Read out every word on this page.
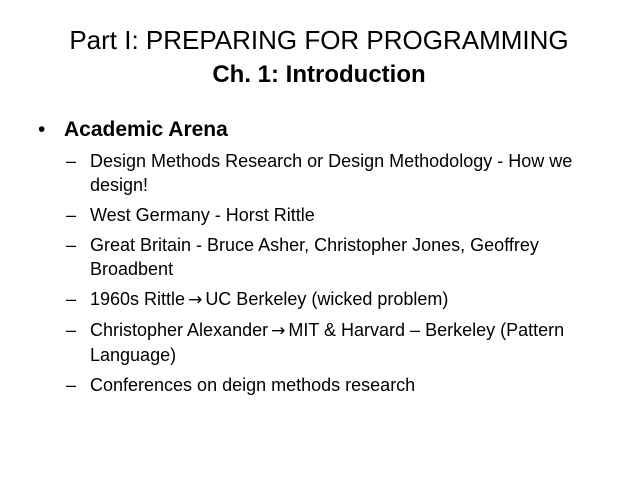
Part I: PREPARING FOR PROGRAMMING
Ch. 1: Introduction
• Academic Arena
– Design Methods Research or Design Methodology - How we design!
– West Germany - Horst Rittle
– Great Britain - Bruce Asher, Christopher Jones, Geoffrey Broadbent
– 1960s Rittle → UC Berkeley (wicked problem)
– Christopher Alexander → MIT & Harvard – Berkeley (Pattern Language)
– Conferences on deign methods research
